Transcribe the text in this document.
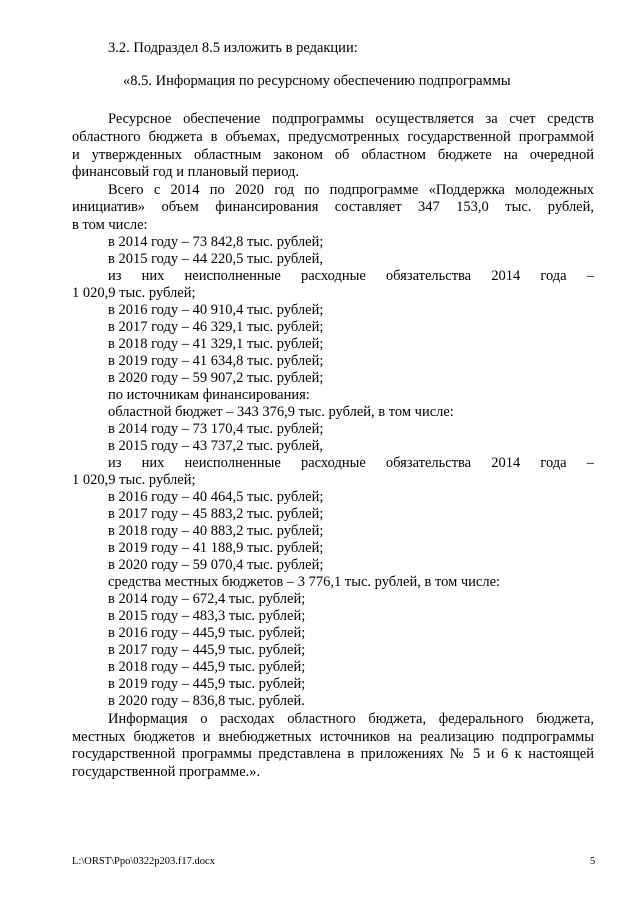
3.2. Подраздел 8.5 изложить в редакции:
«8.5. Информация по ресурсному обеспечению подпрограммы
Ресурсное обеспечение подпрограммы осуществляется за счет средств
областного бюджета в объемах, предусмотренных государственной программой
и утвержденных областным законом об областном бюджете на очередной
финансовый год и плановый период.
Всего с 2014 по 2020 год по подпрограмме «Поддержка молодежных
инициатив» объем финансирования составляет 347 153,0 тыс. рублей,
в том числе:
в 2014 году – 73 842,8 тыс. рублей;
в 2015 году – 44 220,5 тыс. рублей,
из них неисполненные расходные обязательства 2014 года –
1 020,9 тыс. рублей;
в 2016 году – 40 910,4 тыс. рублей;
в 2017 году – 46 329,1 тыс. рублей;
в 2018 году – 41 329,1 тыс. рублей;
в 2019 году – 41 634,8 тыс. рублей;
в 2020 году – 59 907,2 тыс. рублей;
по источникам финансирования:
областной бюджет – 343 376,9 тыс. рублей, в том числе:
в 2014 году – 73 170,4 тыс. рублей;
в 2015 году – 43 737,2 тыс. рублей,
из них неисполненные расходные обязательства 2014 года –
1 020,9 тыс. рублей;
в 2016 году – 40 464,5 тыс. рублей;
в 2017 году – 45 883,2 тыс. рублей;
в 2018 году – 40 883,2 тыс. рублей;
в 2019 году – 41 188,9 тыс. рублей;
в 2020 году – 59 070,4 тыс. рублей;
средства местных бюджетов – 3 776,1 тыс. рублей, в том числе:
в 2014 году – 672,4 тыс. рублей;
в 2015 году – 483,3 тыс. рублей;
в 2016 году – 445,9 тыс. рублей;
в 2017 году – 445,9 тыс. рублей;
в 2018 году – 445,9 тыс. рублей;
в 2019 году – 445,9 тыс. рублей;
в 2020 году – 836,8 тыс. рублей.
Информация о расходах областного бюджета, федерального бюджета,
местных бюджетов и внебюджетных источников на реализацию подпрограммы
государственной программы представлена в приложениях № 5 и 6 к настоящей
государственной программе.».
L:\ORST\Ppo\0322p203.f17.docx	5
